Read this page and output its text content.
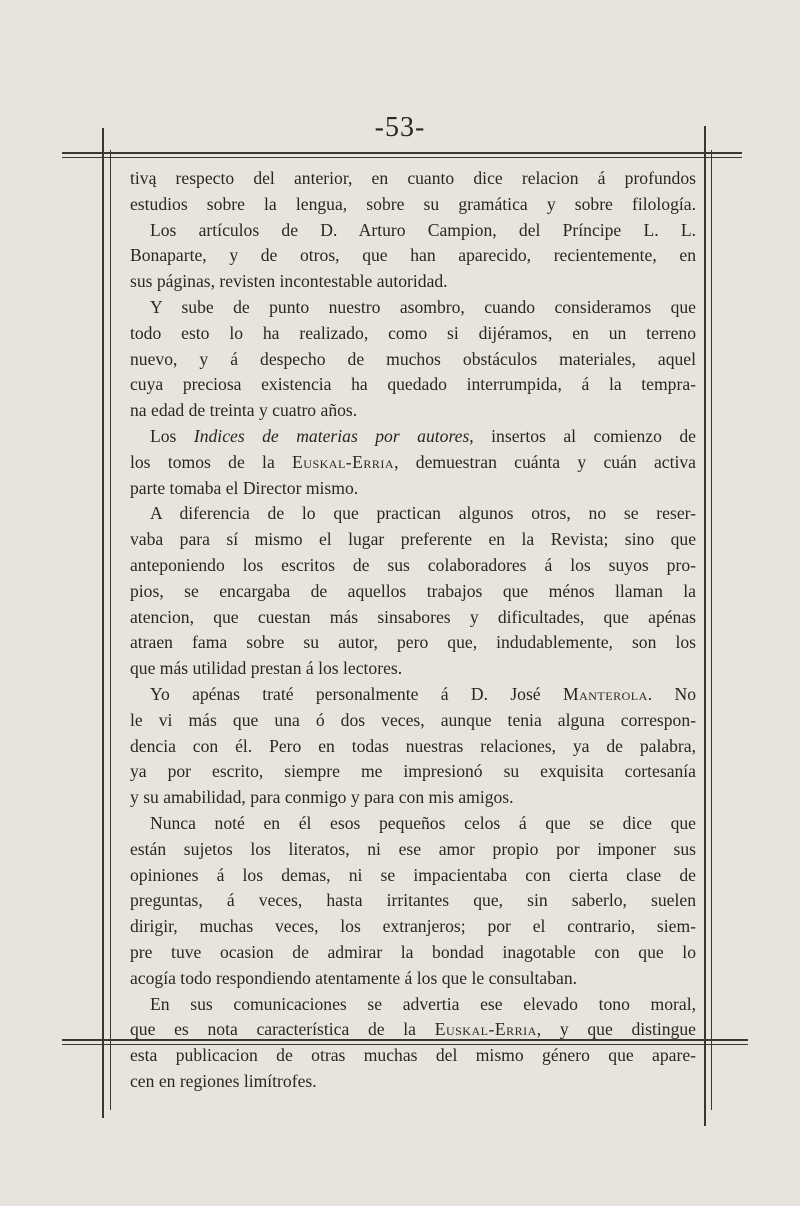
-53-
tivą respecto del anterior, en cuanto dice relacion á profundos
estudios sobre la lengua, sobre su gramática y sobre filología.
Los artículos de D. Arturo Campion, del Príncipe L. L.
Bonaparte, y de otros, que han aparecido, recientemente, en
sus páginas, revisten incontestable autoridad.
Y sube de punto nuestro asombro, cuando consideramos que
todo esto lo ha realizado, como si dijéramos, en un terreno
nuevo, y á despecho de muchos obstáculos materiales, aquel
cuya preciosa existencia ha quedado interrumpida, á la tempra-
na edad de treinta y cuatro años.
Los Indices de materias por autores, insertos al comienzo de
los tomos de la Euskal-Erria, demuestran cuánta y cuán activa
parte tomaba el Director mismo.
A diferencia de lo que practican algunos otros, no se reser-
vaba para sí mismo el lugar preferente en la Revista; sino que
anteponiendo los escritos de sus colaboradores á los suyos pro-
pios, se encargaba de aquellos trabajos que ménos llaman la
atencion, que cuestan más sinsabores y dificultades, que apénas
atraen fama sobre su autor, pero que, indudablemente, son los
que más utilidad prestan á los lectores.
Yo apénas traté personalmente á D. José Manterola. No
le vi más que una ó dos veces, aunque tenia alguna correspon-
dencia con él. Pero en todas nuestras relaciones, ya de palabra,
ya por escrito, siempre me impresionó su exquisita cortesanía
y su amabilidad, para conmigo y para con mis amigos.
Nunca noté en él esos pequeños celos á que se dice que
están sujetos los literatos, ni ese amor propio por imponer sus
opiniones á los demas, ni se impacientaba con cierta clase de
preguntas, á veces, hasta irritantes que, sin saberlo, suelen
dirigir, muchas veces, los extranjeros; por el contrario, siem-
pre tuve ocasion de admirar la bondad inagotable con que lo
acogía todo respondiendo atentamente á los que le consultaban.
En sus comunicaciones se advertia ese elevado tono moral,
que es nota característica de la Euskal-Erria, y que distingue
esta publicacion de otras muchas del mismo género que apare-
cen en regiones limítrofes.
